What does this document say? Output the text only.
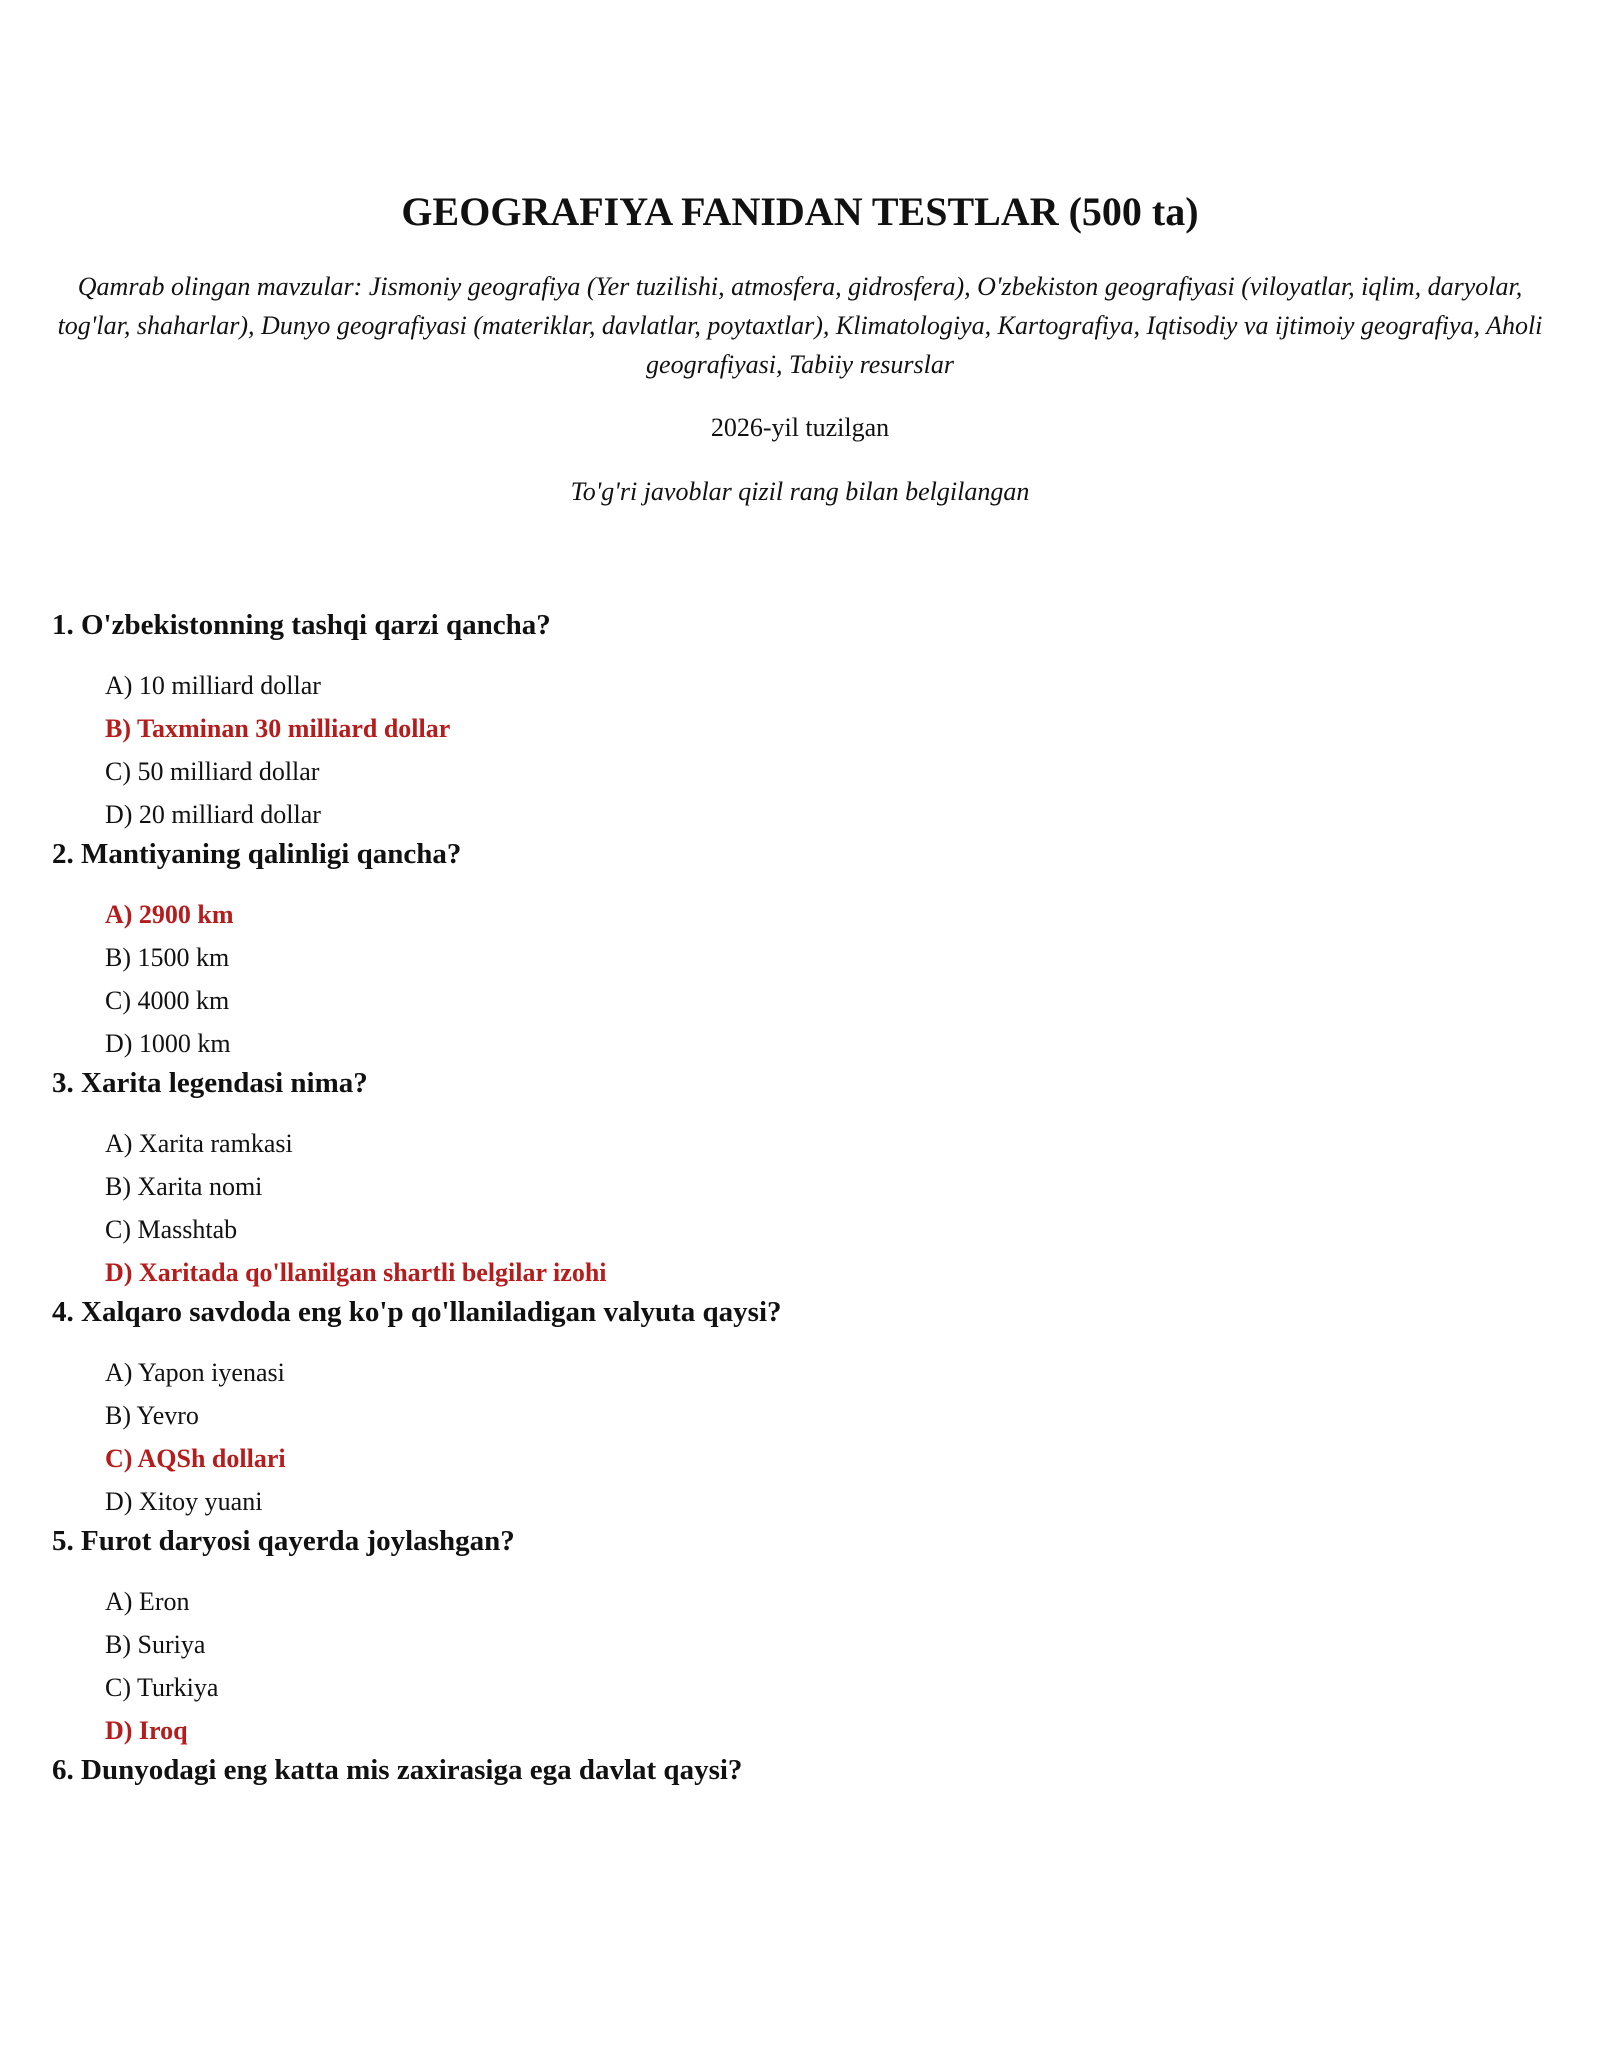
GEOGRAFIYA FANIDAN TESTLAR (500 ta)

Qamrab olingan mavzular: Jismoniy geografiya (Yer tuzilishi, atmosfera, gidrosfera), O'zbekiston geografiyasi (viloyatlar, iqlim, daryolar, tog'lar, shaharlar), Dunyo geografiyasi (materiklar, davlatlar, poytaxtlar), Klimatologiya, Kartografiya, Iqtisodiy va ijtimoiy geografiya, Aholi geografiyasi, Tabiiy resurslar

2026-yil tuzilgan

To'g'ri javoblar qizil rang bilan belgilangan

1. O'zbekistonning tashqi qarzi qancha?
A) 10 milliard dollar
B) Taxminan 30 milliard dollar
C) 50 milliard dollar
D) 20 milliard dollar
2. Mantiyaning qalinligi qancha?
A) 2900 km
B) 1500 km
C) 4000 km
D) 1000 km
3. Xarita legendasi nima?
A) Xarita ramkasi
B) Xarita nomi
C) Masshtab
D) Xaritada qo'llanilgan shartli belgilar izohi
4. Xalqaro savdoda eng ko'p qo'llaniladigan valyuta qaysi?
A) Yapon iyenasi
B) Yevro
C) AQSh dollari
D) Xitoy yuani
5. Furot daryosi qayerda joylashgan?
A) Eron
B) Suriya
C) Turkiya
D) Iroq
6. Dunyodagi eng katta mis zaxirasiga ega davlat qaysi?
